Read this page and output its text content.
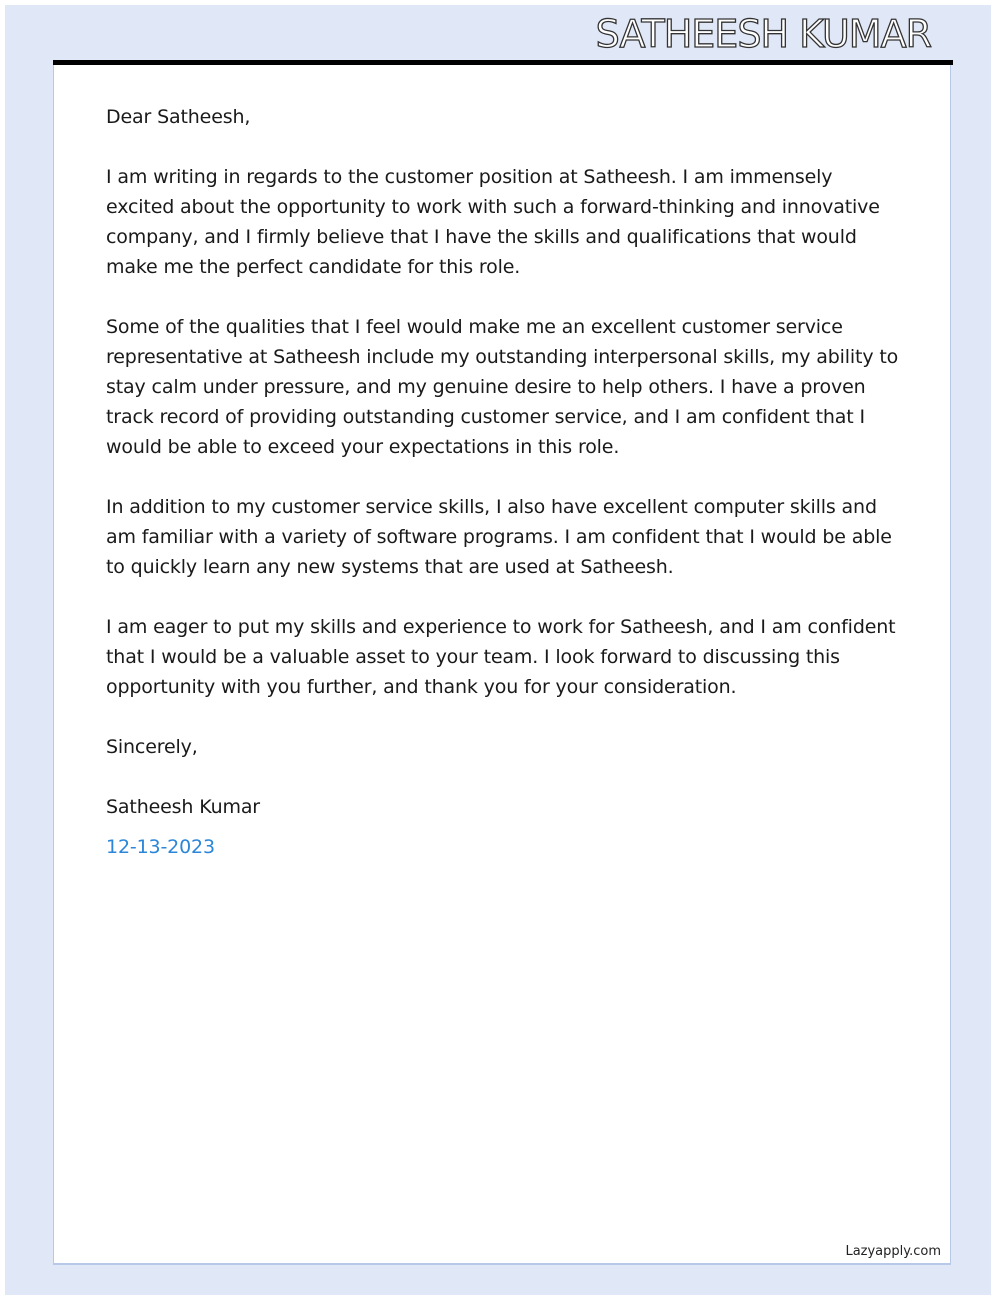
SATHEESH KUMAR

Dear Satheesh,

I am writing in regards to the customer position at Satheesh. I am immensely excited about the opportunity to work with such a forward-thinking and innovative company, and I firmly believe that I have the skills and qualifications that would make me the perfect candidate for this role.

Some of the qualities that I feel would make me an excellent customer service representative at Satheesh include my outstanding interpersonal skills, my ability to stay calm under pressure, and my genuine desire to help others. I have a proven track record of providing outstanding customer service, and I am confident that I would be able to exceed your expectations in this role.

In addition to my customer service skills, I also have excellent computer skills and am familiar with a variety of software programs. I am confident that I would be able to quickly learn any new systems that are used at Satheesh.

I am eager to put my skills and experience to work for Satheesh, and I am confident that I would be a valuable asset to your team. I look forward to discussing this opportunity with you further, and thank you for your consideration.

Sincerely,

Satheesh Kumar

12-13-2023

Lazyapply.com
